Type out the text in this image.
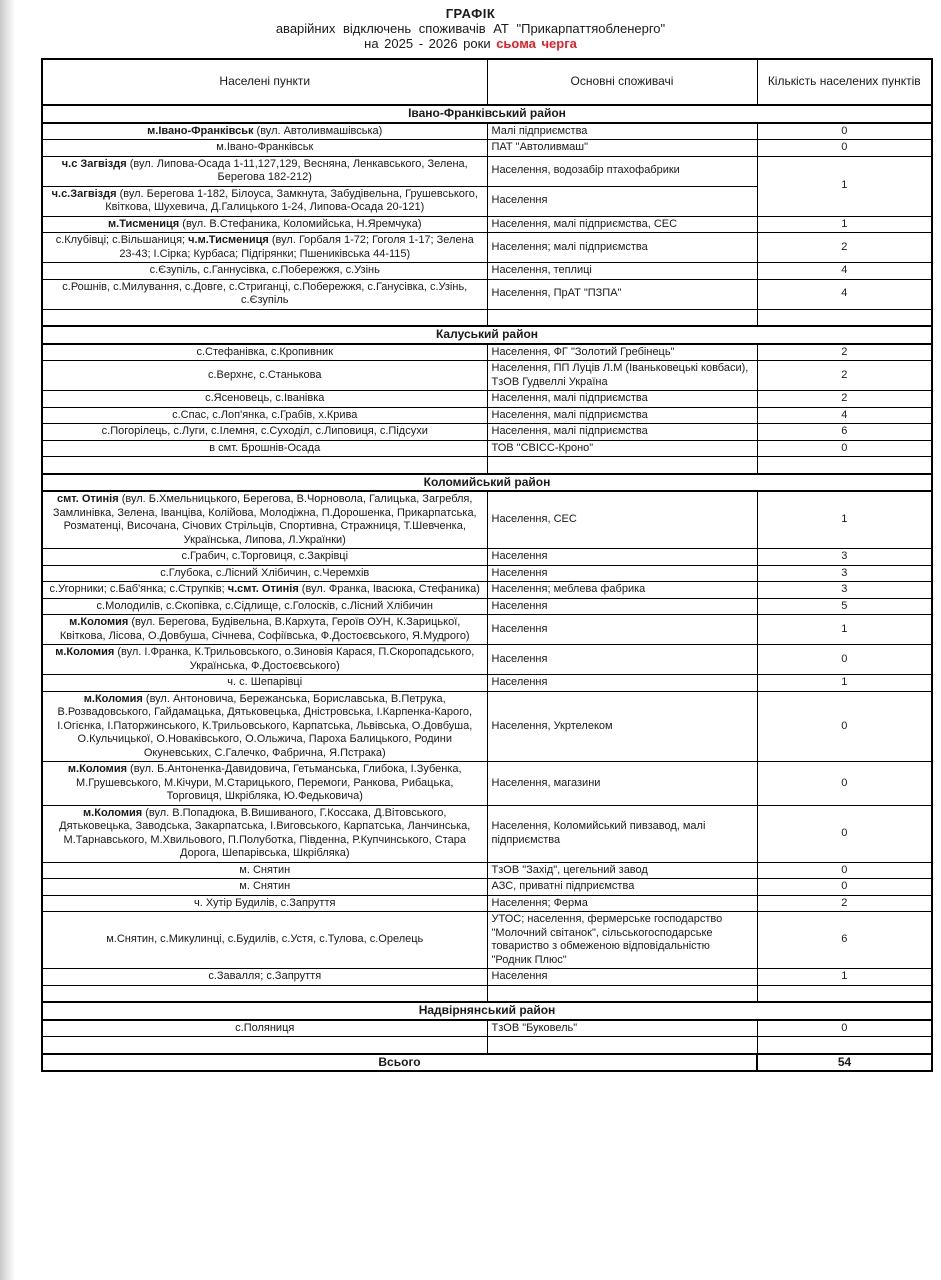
ГРАФІК
аварійних відключень споживачів АТ "Прикарпаттяобленерго"
на 2025 - 2026 роки сьома черга
Населені пункти	Основні споживачі	Кількість населених пунктів
Івано-Франківський район		
м.Івано-Франківськ (вул. Автоливмашівська)	Малі підприємства	0
м.Івано-Франківськ	ПАТ "Автоливмаш"	0
ч.с Загвіздя (вул. Липова-Осада 1-11,127,129, Весняна, Ленкавського, Зелена, Берегова 182-212)	Населення, водозабір птахофабрики	1
ч.с.Загвіздя (вул. Берегова 1-182, Білоуса, Замкнута, Забудівельна, Грушевського, Квіткова, Шухевича, Д.Галицького 1-24, Липова-Осада 20-121)	Населення	
м.Тисмениця (вул. В.Стефаника, Коломийська, Н.Яремчука)	Населення, малі підприємства, СЕС	1
с.Клубівці; с.Вільшаниця; ч.м.Тисмениця (вул. Горбаля 1-72; Гоголя 1-17; Зелена 23-43; І.Сірка; Курбаса; Підгірянки; Пшениківська 44-115)	Населення; малі підприємства	2
с.Єзупіль, с.Ганнусівка, с.Побережжя, с.Узінь	Населення, теплиці	4
с.Рошнів, с.Милування, с.Довге, с.Стриганці, с.Побережжя, с.Ганусівка, с.Узінь, с.Єзупіль	Населення, ПрАТ "ПЗПА"	4

Калуський район		
с.Стефанівка, с.Кропивник	Населення, ФГ "Золотий Гребінець"	2
с.Верхнє, с.Станькова	Населення, ПП Луців Л.М (Іваньковецькі ковбаси), ТзОВ Гудвеллі Україна	2
с.Ясеновець, с.Іванівка	Населення, малі підприємства	2
с.Спас, с.Лоп'янка, с.Грабів, х.Крива	Населення, малі підприємства	4
с.Погорілець, с.Луги, с.Ілемня, с.Суходіл, с.Липовиця, с.Підсухи	Населення, малі підприємства	6
в смт. Брошнів-Осада	ТОВ "СВІСС-Кроно"	0

Коломийський район		
смт. Отинія (вул. Б.Хмельницького, Берегова, В.Чорновола, Галицька, Загребля, Замлинівка, Зелена, Іванціва, Колійова, Молодіжна, П.Дорошенка, Прикарпатська, Розматенці, Височана, Січових Стрільців, Спортивна, Стражниця, Т.Шевченка, Українська, Липова, Л.Українки)	Населення, СЕС	1
с.Грабич, с.Торговиця, с.Закрівці	Населення	3
с.Глубока, с.Лісний Хлібичин, с.Черемхів	Населення	3
с.Угорники; с.Баб'янка; с.Струпків; ч.смт. Отинія (вул. Франка, Івасюка, Стефаника)	Населення; меблева фабрика	3
с.Молодилів, с.Скопівка, с.Сідлище, с.Голосків, с.Лісний Хлібичин	Населення	5
м.Коломия (вул. Берегова, Будівельна, В.Кархута, Героїв ОУН, К.Зарицької, Квіткова, Лісова, О.Довбуша, Січнева, Софіївська, Ф.Достоєвського, Я.Мудрого)	Населення	1
м.Коломия (вул. І.Франка, К.Трильовського, о.Зиновія Карася, П.Скоропадського, Українська, Ф.Достоєвського)	Населення	0
ч. с. Шепарівці	Населення	1
м.Коломия (вул. Антоновича, Бережанська, Бориславська, В.Петрука, В.Розвадовського, Гайдамацька, Дятьковецька, Дністровська, І.Карпенка-Карого, І.Огієнка, І.Паторжинського, К.Трильовського, Карпатська, Львівська, О.Довбуша, О.Кульчицької, О.Новаківського, О.Ольжича, Пароха Балицького, Родини Окуневських, С.Галечко, Фабрична, Я.Пстрака)	Населення, Укртелеком	0
м.Коломия (вул. Б.Антоненка-Давидовича, Гетьманська, Глибока, І.Зубенка, М.Грушевського, М.Кічури, М.Старицького, Перемоги, Ранкова, Рибацька, Торговиця, Шкрібляка, Ю.Федьковича)	Населення, магазини	0
м.Коломия (вул. В.Попадюка, В.Вишиваного, Г.Коссака, Д.Вітовського, Дятьковецька, Заводська, Закарпатська, І.Виговського, Карпатська, Ланчинська, М.Тарнавського, М.Хвильового, П.Полуботка, Південна, Р.Купчинського, Стара Дорога, Шепарівська, Шкрібляка)	Населення, Коломийський пивзавод, малі підприємства	0
м. Снятин	ТзОВ "Захід", цегельний завод	0
м. Снятин	АЗС, приватні підприємства	0
ч. Хутір Будилів, с.Запруття	Населення; Ферма	2
м.Снятин, с.Микулинці, с.Будилів, с.Устя, с.Тулова, с.Орелець	УТОС; населення, фермерське господарство "Молочний світанок", сільськогосподарське товариство з обмеженою відповідальністю "Родник Плюс"	6
с.Завалля; с.Запруття	Населення	1

Надвірнянський район		
с.Поляниця	ТзОВ "Буковель"	0

Всього		54
